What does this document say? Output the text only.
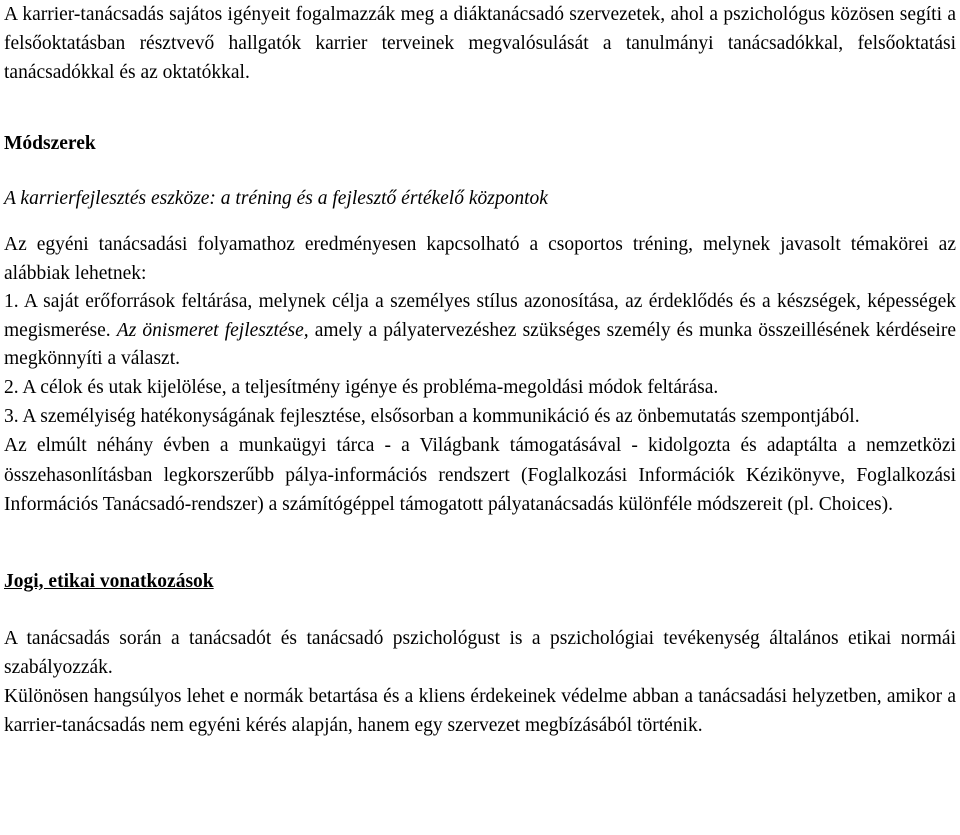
A karrier-tanácsadás sajátos igényeit fogalmazzák meg a diáktanácsadó szervezetek, ahol a pszichológus közösen segíti a felsőoktatásban résztvevő hallgatók karrier terveinek megvalósulását a tanulmányi tanácsadókkal, felsőoktatási tanácsadókkal és az oktatókkal.

Módszerek

A karrierfejlesztés eszköze: a tréning és a fejlesztő értékelő központok

Az egyéni tanácsadási folyamathoz eredményesen kapcsolható a csoportos tréning, melynek javasolt témakörei az alábbiak lehetnek:

1. A saját erőforrások feltárása, melynek célja a személyes stílus azonosítása, az érdeklődés és a készségek, képességek megismerése. Az önismeret fejlesztése, amely a pályatervezéshez szükséges személy és munka összeillésének kérdéseire megkönnyíti a választ.

2. A célok és utak kijelölése, a teljesítmény igénye és probléma-megoldási módok feltárása.

3. A személyiség hatékonyságának fejlesztése, elsősorban a kommunikáció és az önbemutatás szempontjából.

Az elmúlt néhány évben a munkaügyi tárca - a Világbank támogatásával - kidolgozta és adaptálta a nemzetközi összehasonlításban legkorszerűbb pálya-információs rendszert (Foglalkozási Információk Kézikönyve, Foglalkozási Információs Tanácsadó-rendszer) a számítógéppel támogatott pályatanácsadás különféle módszereit (pl. Choices).

Jogi, etikai vonatkozások

A tanácsadás során a tanácsadót és tanácsadó pszichológust is a pszichológiai tevékenység általános etikai normái szabályozzák.

Különösen hangsúlyos lehet e normák betartása és a kliens érdekeinek védelme abban a tanácsadási helyzetben, amikor a karrier-tanácsadás nem egyéni kérés alapján, hanem egy szervezet megbízásából történik.
